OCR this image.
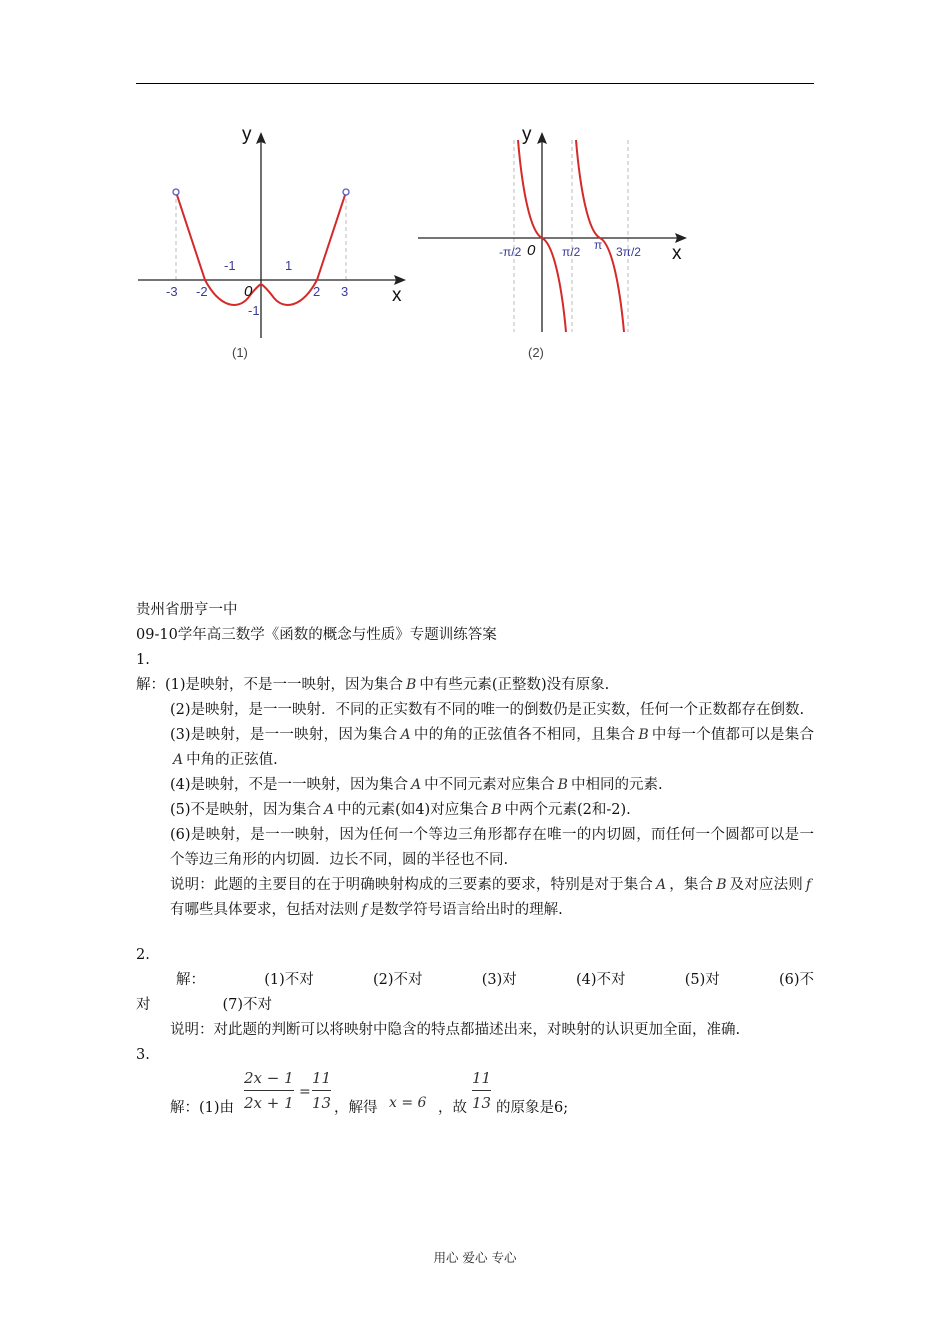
x
y
0
-3 -2
-1	1
2 3
-1
(1)
x
y
0
-π/2	π/2 π 3π/2
(2)
贵州省册亨一中
09-10学年高三数学《函数的概念与性质》专题训练答案
1.
解：(1)是映射，不是一一映射，因为集合 B 中有些元素(正整数)没有原象.
(2)是映射，是一一映射．不同的正实数有不同的唯一的倒数仍是正实数，任何一个正数都存在倒数.
(3)是映射，是一一映射，因为集合 A 中的角的正弦值各不相同，且集合 B 中每一个值都可以是集合A 中角的正弦值.
(4)是映射，不是一一映射，因为集合 A 中不同元素对应集合 B 中相同的元素.
(5)不是映射，因为集合 A 中的元素(如4)对应集合 B 中两个元素(2和-2).
(6)是映射，是一一映射，因为任何一个等边三角形都存在唯一的内切圆，而任何一个圆都可以是一个等边三角形的内切圆．边长不同，圆的半径也不同.
说明：此题的主要目的在于明确映射构成的三要素的要求，特别是对于集合 A ，集合 B 及对应法则 f有哪些具体要求，包括对法则 f 是数学符号语言给出时的理解.
2.
解：	(1)不对	(2)不对	(3)对	(4)不对	(5)对	(6)不
对	(7)不对
说明：对此题的判断可以将映射中隐含的特点都描述出来，对映射的认识更加全面，准确.
3.
解：(1)由
2x − 1
2x + 1
=
11
13 ，解得 x = 6 ，故
11
13 的原象是6;
用心 爱心 专心
